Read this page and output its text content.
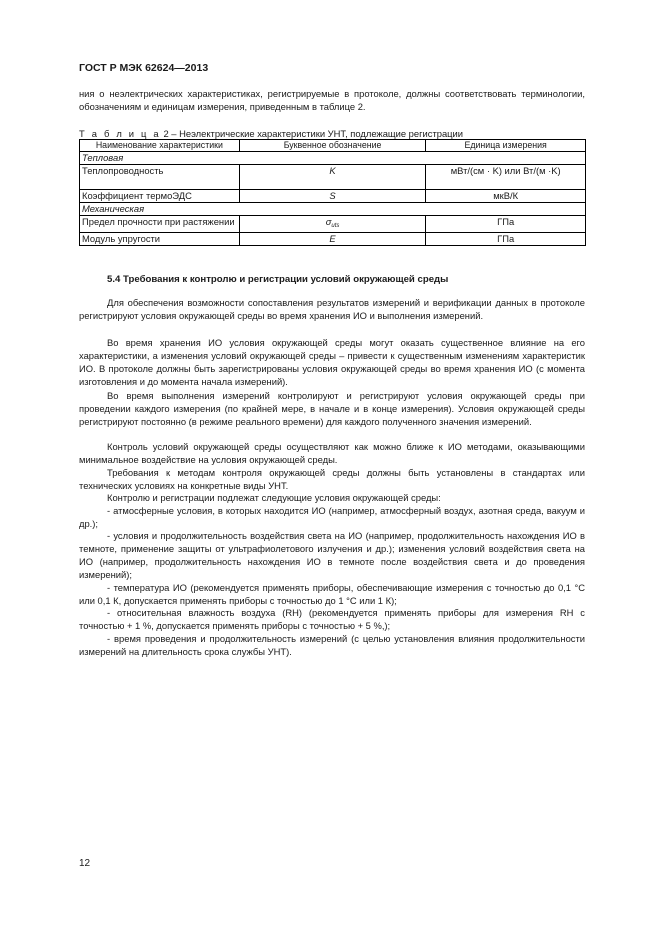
ГОСТ Р МЭК 62624—2013
ния о неэлектрических характеристиках, регистрируемые в протоколе, должны соответствовать терминологии, обозначениям и единицам измерения, приведенным в таблице 2.
Т а б л и ц а 2 – Неэлектрические характеристики УНТ, подлежащие регистрации
Наименование характеристики	Буквенное обозначение	Единица измерения
Тепловая		
Теплопроводность	K	мВт/(см · K) или Вт/(м ·K)
Коэффициент термоЭДС	S	мкВ/К
Механическая		
Предел прочности при растяжении	$\sigma_{uts}$	ГПа
Модуль упругости	E	ГПа
5.4 Требования к контролю и регистрации условий окружающей среды
Для обеспечения возможности сопоставления результатов измерений и верификации данных в протоколе регистрируют условия окружающей среды во время хранения ИО и выполнения измерений.
Во время хранения ИО условия окружающей среды могут оказать существенное влияние на его характеристики, а изменения условий окружающей среды – привести к существенным изменениям характеристик ИО. В протоколе должны быть зарегистрированы условия окружающей среды во время хранения ИО (с момента изготовления и до момента начала измерений).
Во время выполнения измерений контролируют и регистрируют условия окружающей среды при проведении каждого измерения (по крайней мере, в начале и в конце измерения). Условия окружающей среды регистрируют постоянно (в режиме реального времени) для каждого полученного значения измерений.
Контроль условий окружающей среды осуществляют как можно ближе к ИО методами, оказывающими минимальное воздействие на условия окружающей среды.
Требования к методам контроля окружающей среды должны быть установлены в стандартах или технических условиях на конкретные виды УНТ.
Контролю и регистрации подлежат следующие условия окружающей среды:
- атмосферные условия, в которых находится ИО (например, атмосферный воздух, азотная среда, вакуум и др.);
- условия и продолжительность воздействия света на ИО (например, продолжительность нахождения ИО в темноте, применение защиты от ультрафиолетового излучения и др.); изменения условий воздействия света на ИО (например, продолжительность нахождения ИО в темноте после воздействия света и до проведения измерений);
- температура ИО (рекомендуется применять приборы, обеспечивающие измерения с точностью до 0,1 °С или 0,1 К, допускается применять приборы с точностью до 1 °С или 1 К);
- относительная влажность воздуха (RH) (рекомендуется применять приборы для измерения RH с точностью + 1 %, допускается применять приборы с точностью + 5 %,);
- время проведения и продолжительность измерений (с целью установления влияния продолжительности измерений на длительность срока службы УНТ).
12
